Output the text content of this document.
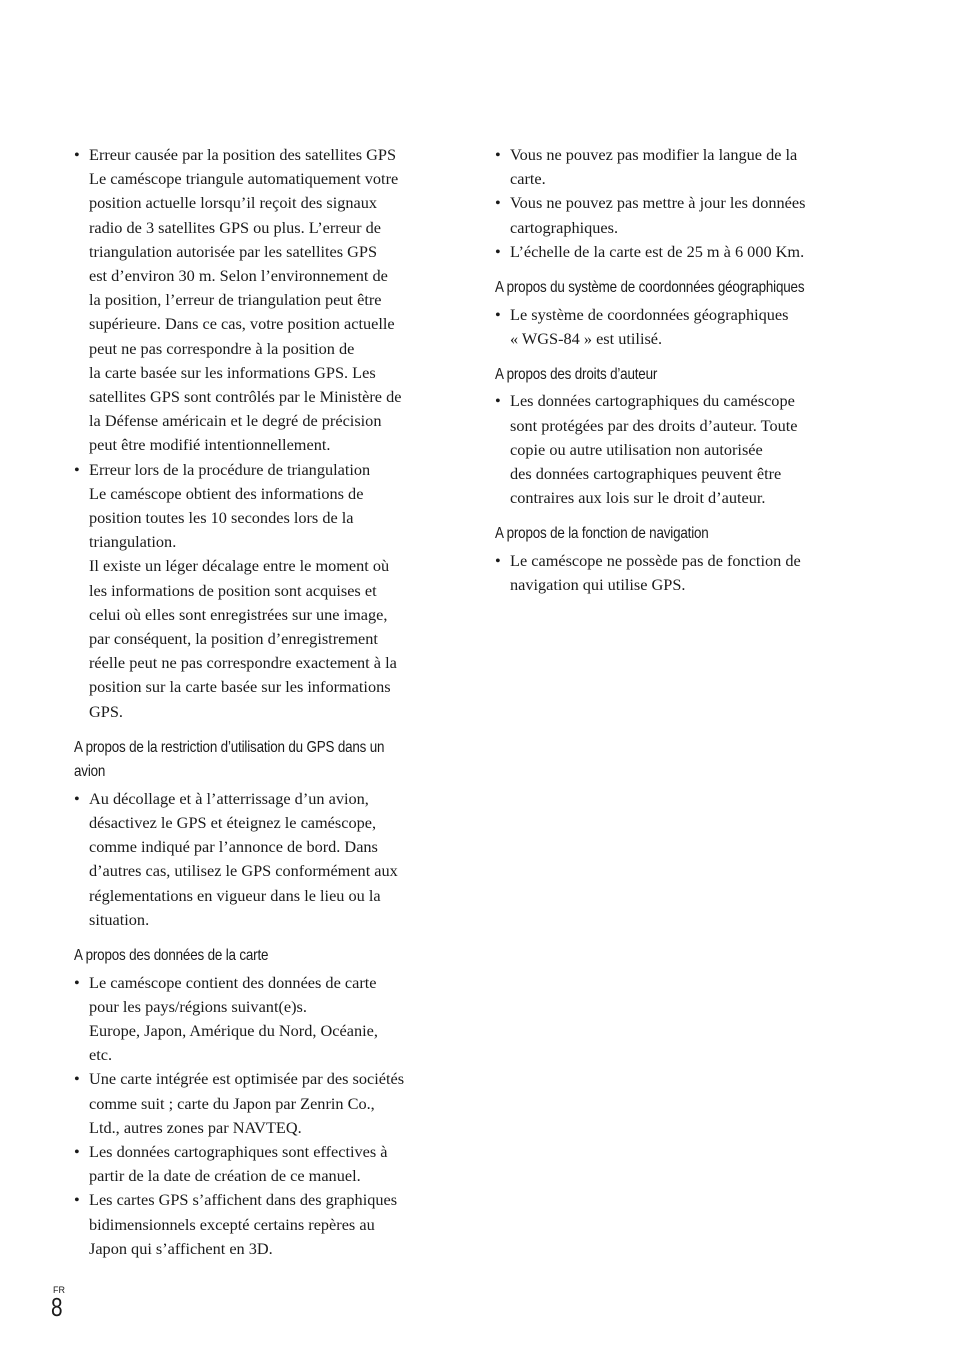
• Erreur causée par la position des satellites GPS
Le caméscope triangule automatiquement votre
position actuelle lorsqu’il reçoit des signaux
radio de 3 satellites GPS ou plus. L’erreur de
triangulation autorisée par les satellites GPS
est d’environ 30 m. Selon l’environnement de
la position, l’erreur de triangulation peut être
supérieure. Dans ce cas, votre position actuelle
peut ne pas correspondre à la position de
la carte basée sur les informations GPS. Les
satellites GPS sont contrôlés par le Ministère de
la Défense américain et le degré de précision
peut être modifié intentionnellement.
• Erreur lors de la procédure de triangulation
Le caméscope obtient des informations de
position toutes les 10 secondes lors de la
triangulation.
Il existe un léger décalage entre le moment où
les informations de position sont acquises et
celui où elles sont enregistrées sur une image,
par conséquent, la position d’enregistrement
réelle peut ne pas correspondre exactement à la
position sur la carte basée sur les informations
GPS.
A propos de la restriction d’utilisation du GPS dans un
avion
• Au décollage et à l’atterrissage d’un avion,
désactivez le GPS et éteignez le caméscope,
comme indiqué par l’annonce de bord. Dans
d’autres cas, utilisez le GPS conformément aux
réglementations en vigueur dans le lieu ou la
situation.
A propos des données de la carte
• Le caméscope contient des données de carte
pour les pays/régions suivant(e)s.
Europe, Japon, Amérique du Nord, Océanie,
etc.
• Une carte intégrée est optimisée par des sociétés
comme suit ; carte du Japon par Zenrin Co.,
Ltd., autres zones par NAVTEQ.
• Les données cartographiques sont effectives à
partir de la date de création de ce manuel.
• Les cartes GPS s’affichent dans des graphiques
bidimensionnels excepté certains repères au
Japon qui s’affichent en 3D.
• Vous ne pouvez pas modifier la langue de la
carte.
• Vous ne pouvez pas mettre à jour les données
cartographiques.
• L’échelle de la carte est de 25 m à 6 000 Km.
A propos du système de coordonnées géographiques
• Le système de coordonnées géographiques
« WGS-84 » est utilisé.
A propos des droits d’auteur
• Les données cartographiques du caméscope
sont protégées par des droits d’auteur. Toute
copie ou autre utilisation non autorisée
des données cartographiques peuvent être
contraires aux lois sur le droit d’auteur.
A propos de la fonction de navigation
• Le caméscope ne possède pas de fonction de
navigation qui utilise GPS.
FR
8
